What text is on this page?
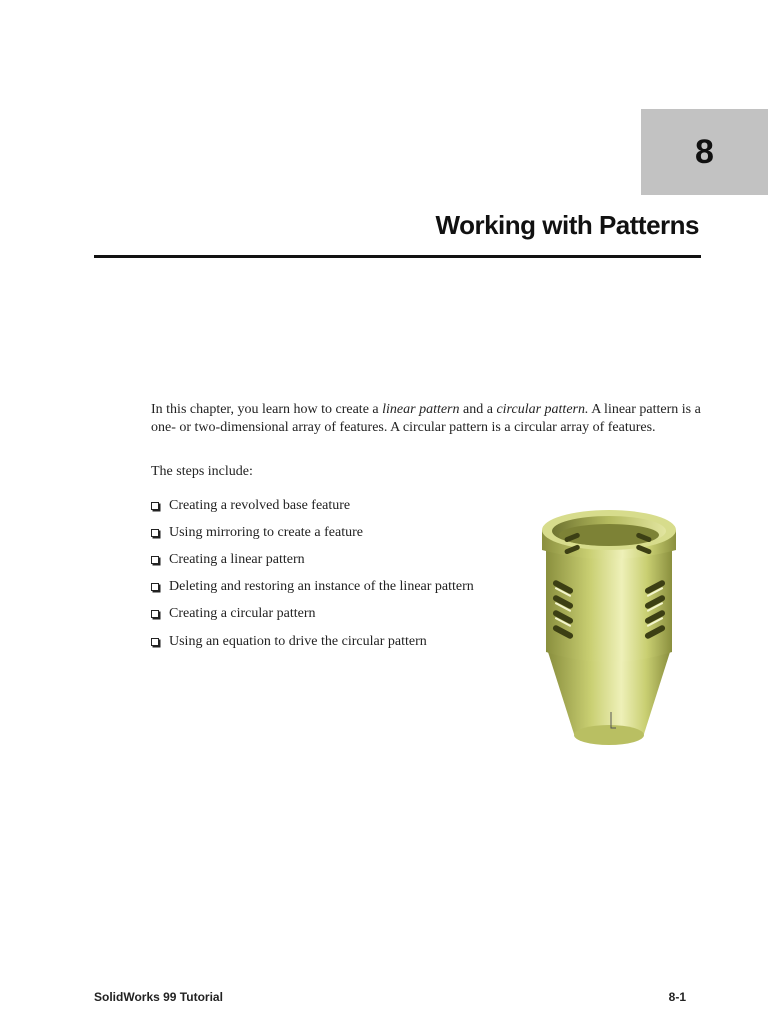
8
Working with Patterns

In this chapter, you learn how to create a linear pattern and a circular pattern. A linear pattern is a one- or two-dimensional array of features. A circular pattern is a circular array of features.

The steps include:

Creating a revolved base feature
Using mirroring to create a feature
Creating a linear pattern
Deleting and restoring an instance of the linear pattern
Creating a circular pattern
Using an equation to drive the circular pattern
SolidWorks 99 Tutorial	8-1
